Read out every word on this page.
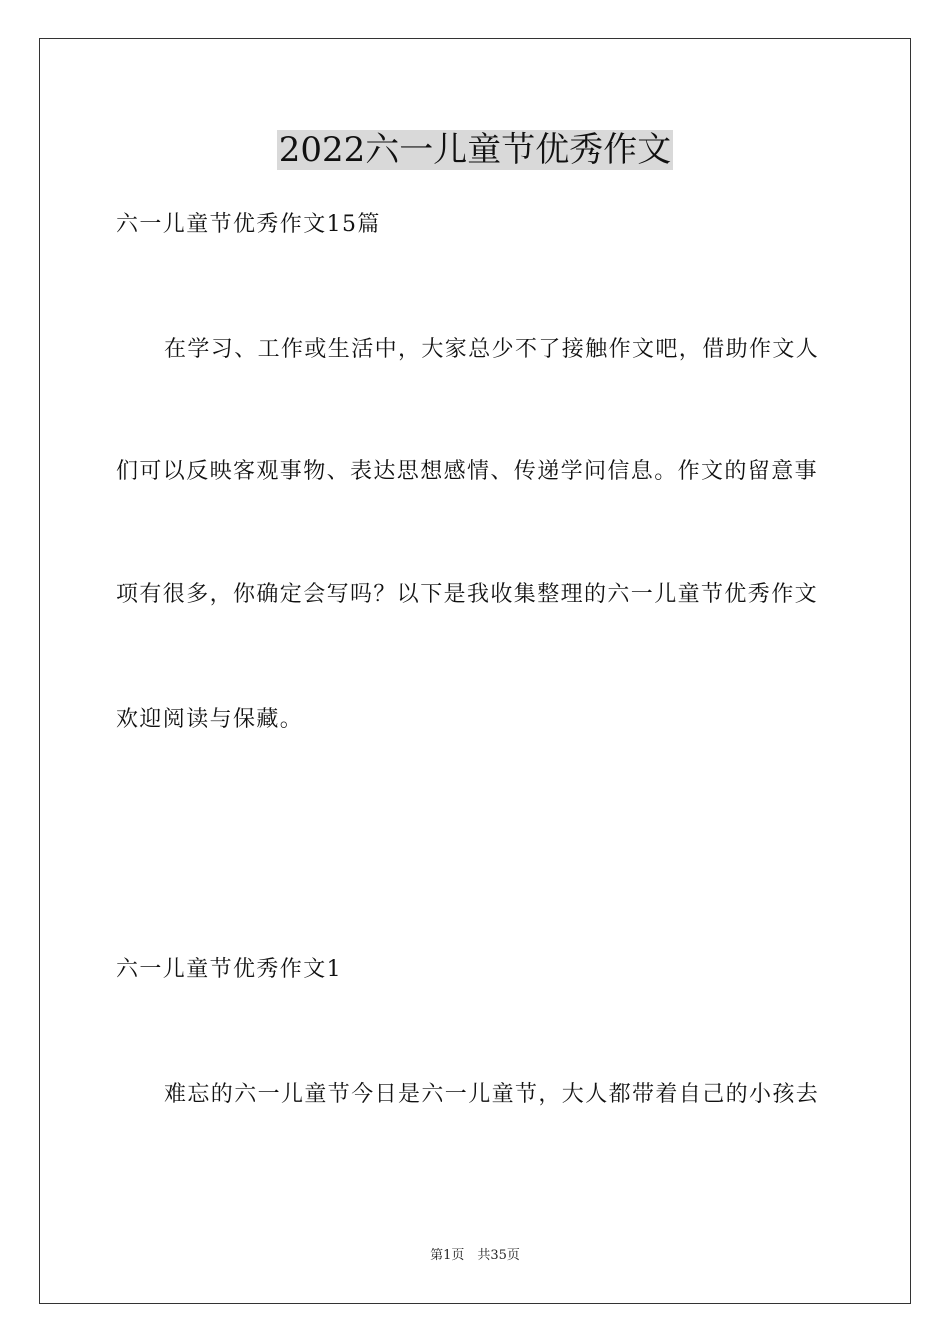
2022六一儿童节优秀作文
六一儿童节优秀作文15篇
在学习、工作或生活中，大家总少不了接触作文吧，借助作文人
们可以反映客观事物、表达思想感情、传递学问信息。作文的留意事
项有很多，你确定会写吗？以下是我收集整理的六一儿童节优秀作文
欢迎阅读与保藏。
六一儿童节优秀作文1
难忘的六一儿童节今日是六一儿童节，大人都带着自己的小孩去
第1页　共35页
